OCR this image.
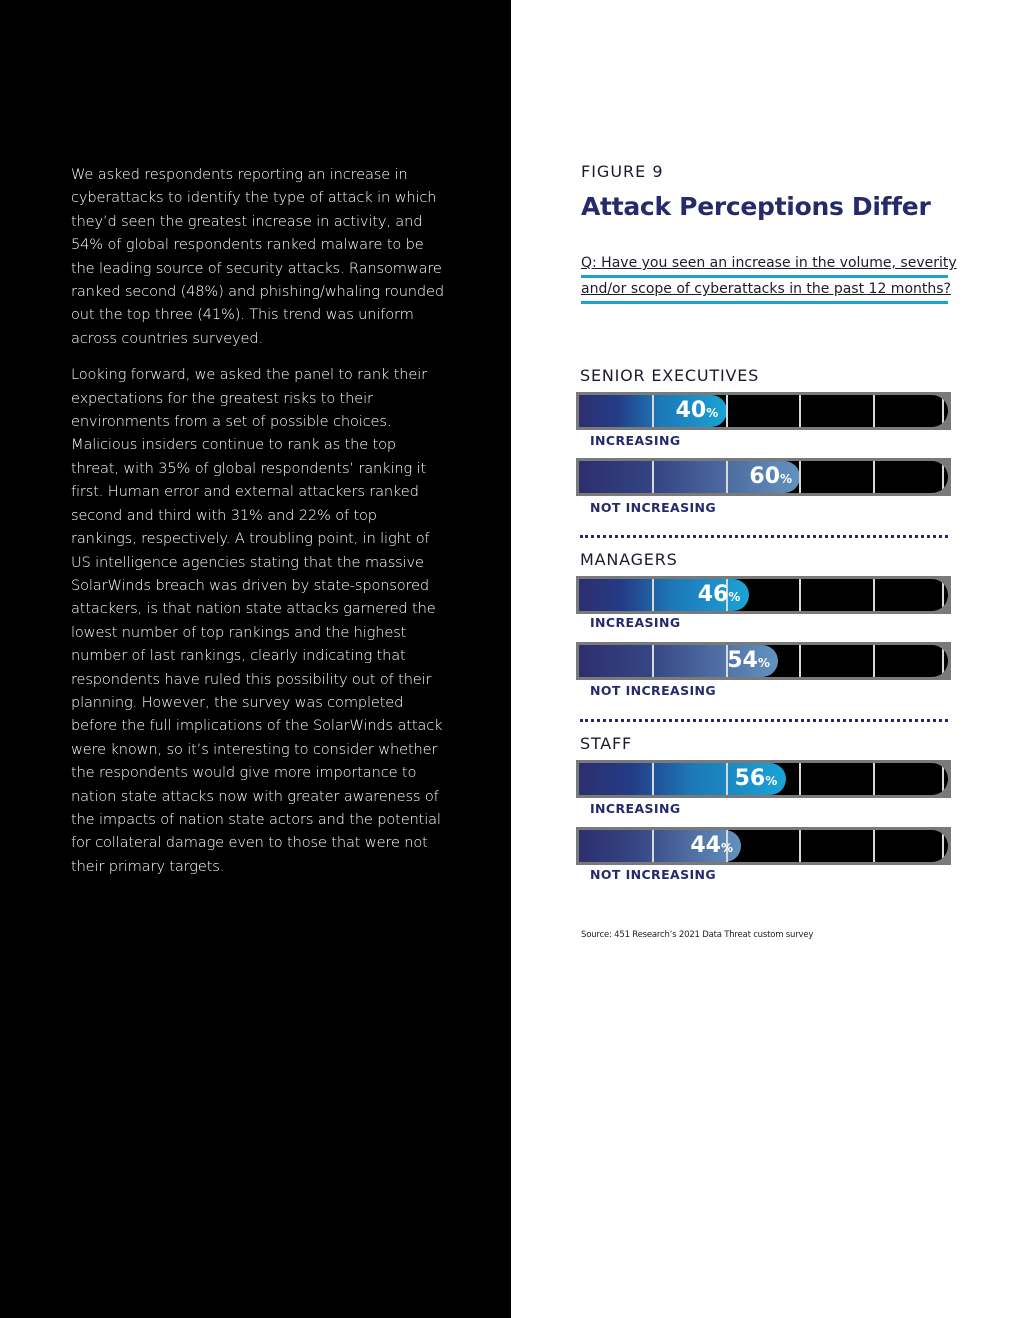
We asked respondents reporting an increase in cyberattacks to identify the type of attack in which they’d seen the greatest increase in activity, and 54% of global respondents ranked malware to be the leading source of security attacks. Ransomware ranked second (48%) and phishing/whaling rounded out the top three (41%). This trend was uniform across countries surveyed.

Looking forward, we asked the panel to rank their expectations for the greatest risks to their environments from a set of possible choices. Malicious insiders continue to rank as the top threat, with 35% of global respondents’ ranking it first. Human error and external attackers ranked second and third with 31% and 22% of top rankings, respectively. A troubling point, in light of US intelligence agencies stating that the massive SolarWinds breach was driven by state-sponsored attackers, is that nation state attacks garnered the lowest number of top rankings and the highest number of last rankings, clearly indicating that respondents have ruled this possibility out of their planning. However, the survey was completed before the full implications of the SolarWinds attack were known, so it’s interesting to consider whether the respondents would give more importance to nation state attacks now with greater awareness of the impacts of nation state actors and the potential for collateral damage even to those that were not their primary targets.

FIGURE 9
Attack Perceptions Differ
Q: Have you seen an increase in the volume, severity
and/or scope of cyberattacks in the past 12 months?
SENIOR EXECUTIVES
40%
INCREASING
60%
NOT INCREASING
MANAGERS
46%
INCREASING
54%
NOT INCREASING
STAFF
56%
INCREASING
44%
NOT INCREASING
Source: 451 Research’s 2021 Data Threat custom survey
